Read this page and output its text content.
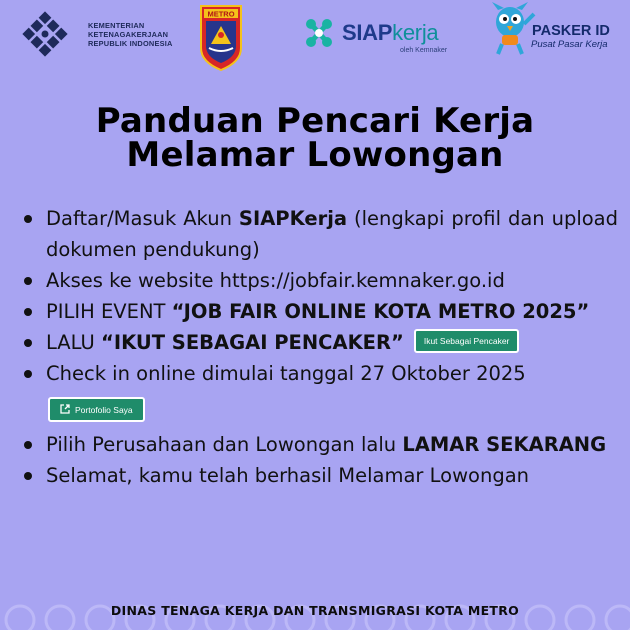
KEMENTERIAN
KETENAGAKERJAAN
REPUBLIK INDONESIA
METRO
SIAPkerja
oleh Kemnaker
PASKER ID
Pusat Pasar Kerja
Panduan Pencari Kerja
Melamar Lowongan
Daftar/Masuk Akun SIAPKerja (lengkapi profil dan upload dokumen pendukung)
Akses ke website https://jobfair.kemnaker.go.id
PILIH EVENT “JOB FAIR ONLINE KOTA METRO 2025”
LALU “IKUT SEBAGAI PENCAKER” Ikut Sebagai Pencaker
Check in online dimulai tanggal 27 Oktober 2025
Portofolio Saya
Pilih Perusahaan dan Lowongan lalu LAMAR SEKARANG
Selamat, kamu telah berhasil Melamar Lowongan
DINAS TENAGA KERJA DAN TRANSMIGRASI KOTA METRO
